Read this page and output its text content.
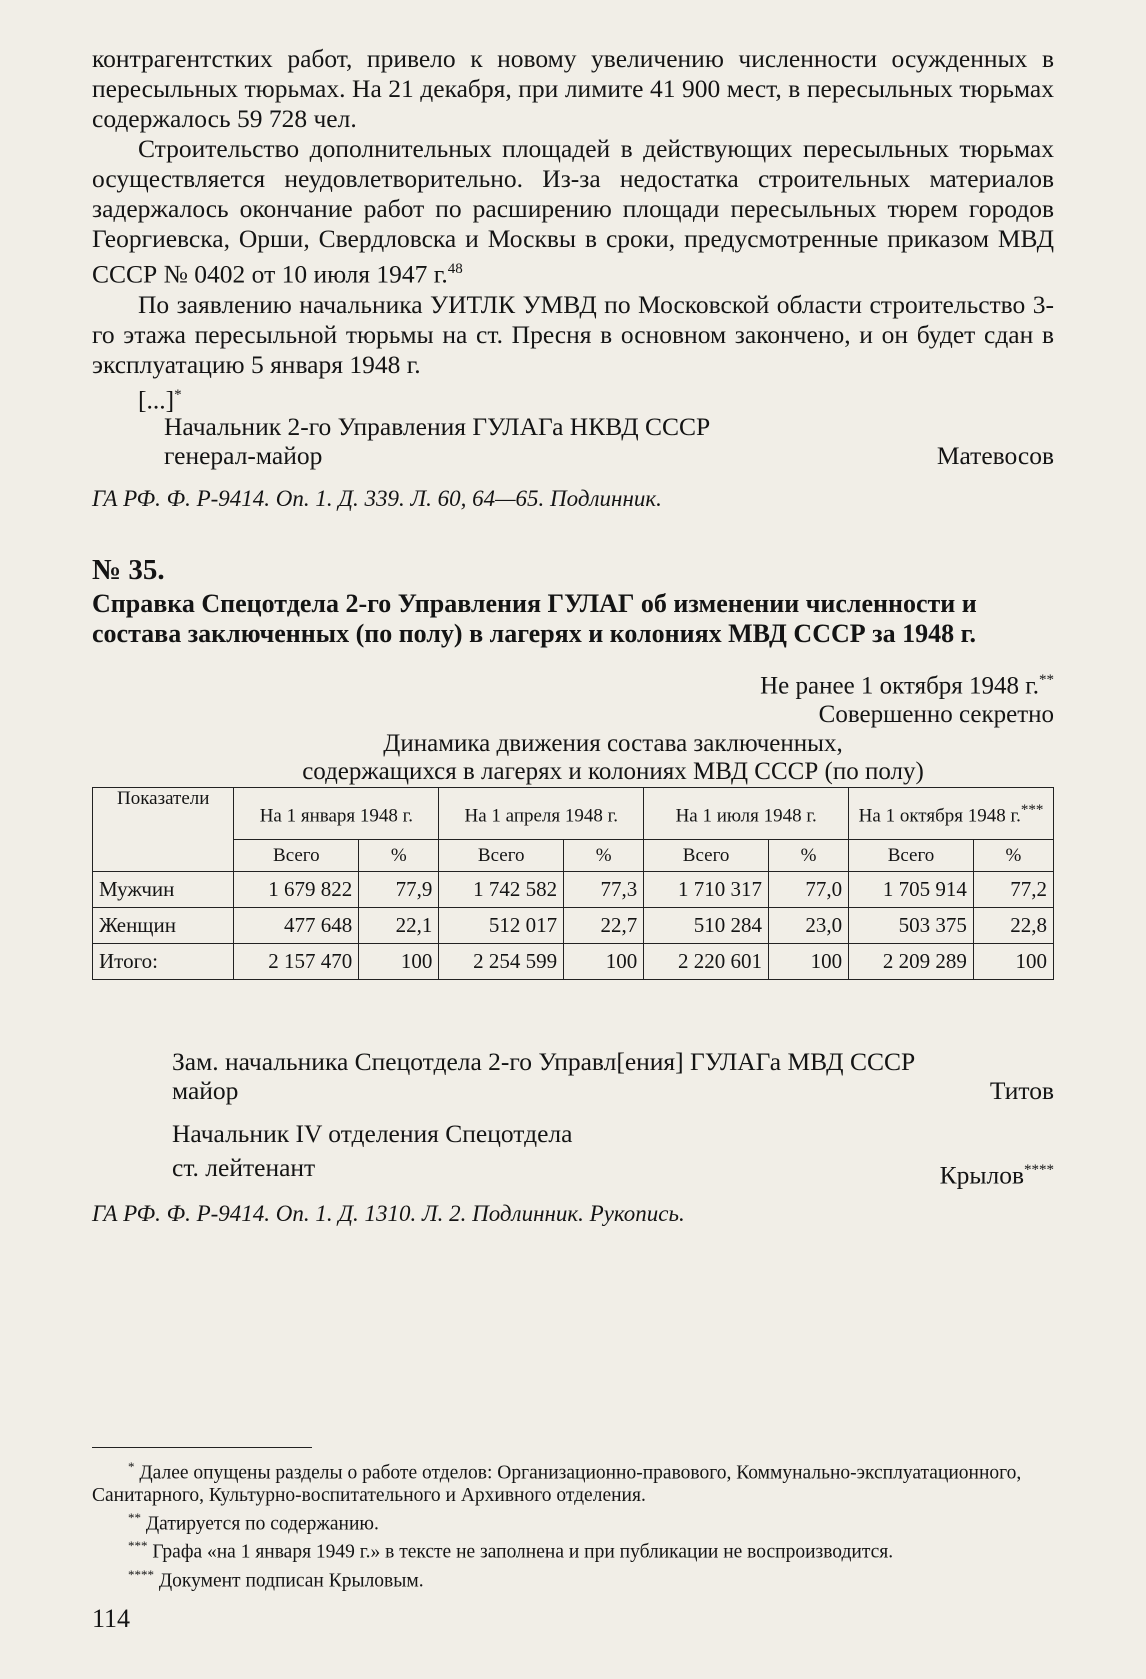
контрагентстких работ, привело к новому увеличению численности осужденных в пересыльных тюрьмах. На 21 декабря, при лимите 41 900 мест, в пересыльных тюрьмах содержалось 59 728 чел.

Строительство дополнительных площадей в действующих пересыльных тюрьмах осуществляется неудовлетворительно. Из-за недостатка строительных материалов задержалось окончание работ по расширению площади пересыльных тюрем городов Георгиевска, Орши, Свердловска и Москвы в сроки, предусмотренные приказом МВД СССР № 0402 от 10 июля 1947 г.$^{48}$

По заявлению начальника УИТЛК УМВД по Московской области строительство 3-го этажа пересыльной тюрьмы на ст. Пресня в основном закончено, и он будет сдан в эксплуатацию 5 января 1948 г.

[...]*

Начальник 2-го Управления ГУЛАГа НКВД СССР

генерал-майор	Матевосов

ГА РФ. Ф. Р-9414. Оп. 1. Д. 339. Л. 60, 64—65. Подлинник.

№ 35.

Справка Спецотдела 2-го Управления ГУЛАГ об изменении численности и состава заключенных (по полу) в лагерях и колониях МВД СССР за 1948 г.

Не ранее 1 октября 1948 г.**

Совершенно секретно

Динамика движения состава заключенных,

содержащихся в лагерях и колониях МВД СССР (по полу)

Показатели	На 1 января 1948 г.		На 1 апреля 1948 г.		На 1 июля 1948 г.		На 1 октября 1948 г.***
	Всего	%	Всего	%	Всего	%	Всего	%
Мужчин	1 679 822	77,9	1 742 582	77,3	1 710 317	77,0	1 705 914	77,2
Женщин	477 648	22,1	512 017	22,7	510 284	23,0	503 375	22,8
Итого:	2 157 470	100	2 254 599	100	2 220 601	100	2 209 289	100

Зам. начальника Спецотдела 2-го Управл[ения] ГУЛАГа МВД СССР

майор	Титов

Начальник IV отделения Спецотдела

ст. лейтенант	Крылов****

ГА РФ. Ф. Р-9414. Оп. 1. Д. 1310. Л. 2. Подлинник. Рукопись.

* Далее опущены разделы о работе отделов: Организационно-правового, Коммунально-эксплуатационного, Санитарного, Культурно-воспитательного и Архивного отделения.

** Датируется по содержанию.

*** Графа «на 1 января 1949 г.» в тексте не заполнена и при публикации не воспроизводится.

**** Документ подписан Крыловым.

114
